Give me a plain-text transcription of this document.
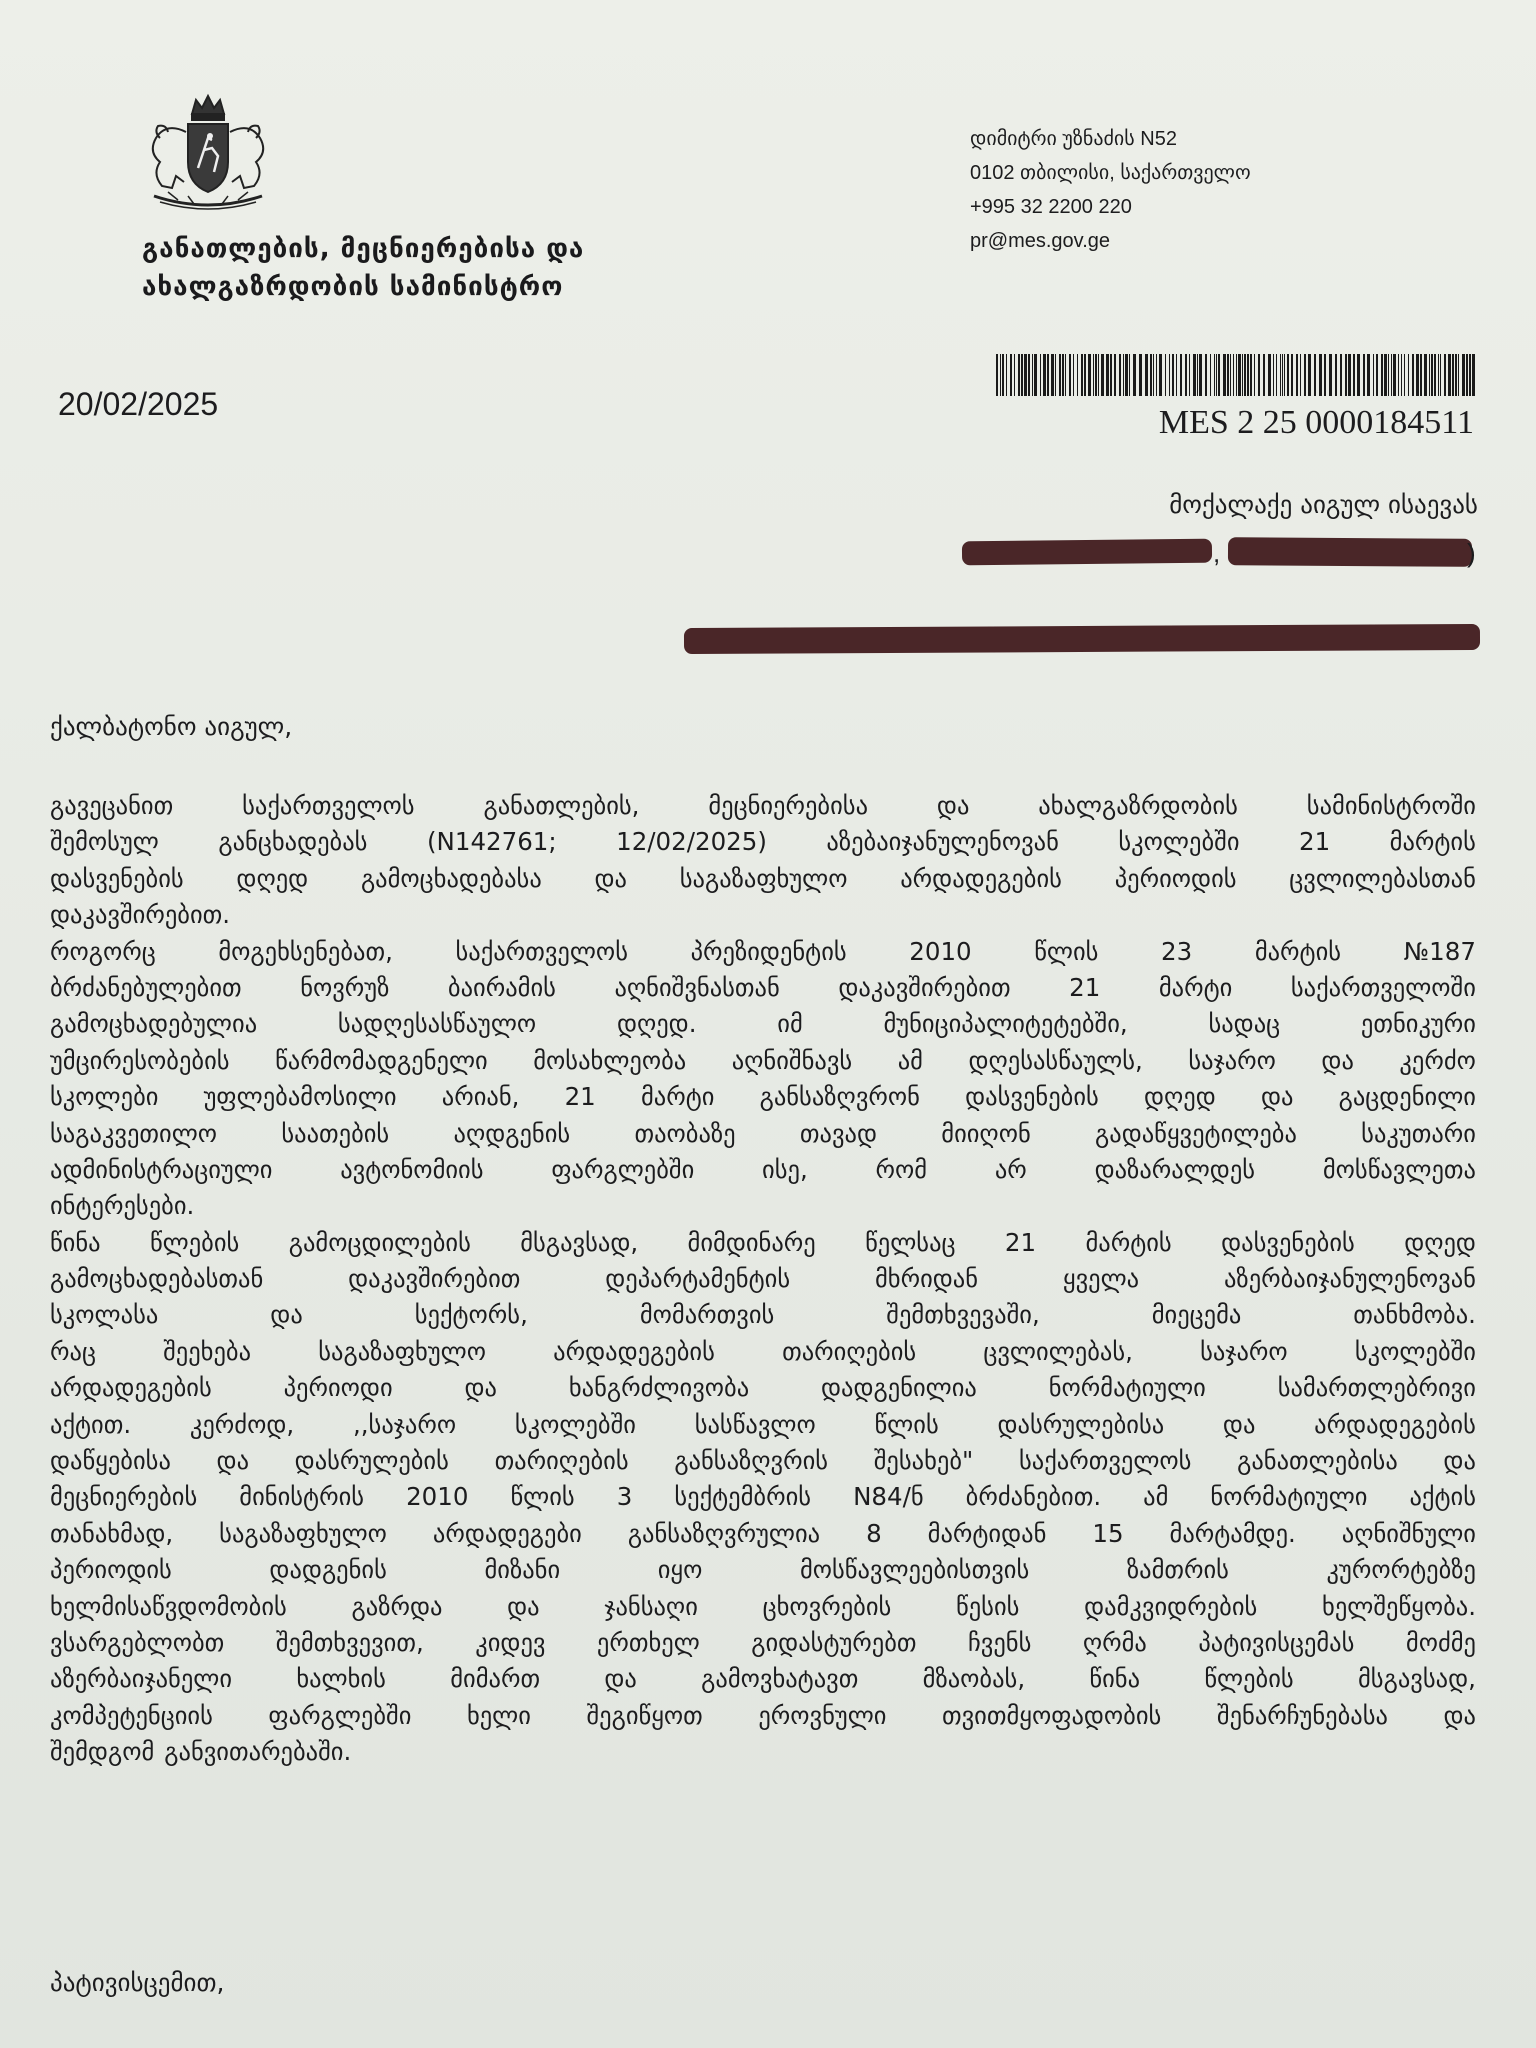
განათლების, მეცნიერებისა და
ახალგაზრდობის სამინისტრო
დიმიტრი უზნაძის N52
0102 თბილისი, საქართველო
+995 32 2200 220
pr@mes.gov.ge
20/02/2025	MES 2 25 0000184511
მოქალაქე აიგულ ისაევას
,	)
ქალბატონო აიგულ,
გავეცანით	საქართველოს	განათლების,	მეცნიერებისა	და	ახალგაზრდობის	სამინისტროში
შემოსულ განცხადებას (N142761; 12/02/2025) აზებაიჯანულენოვან სკოლებში 21 მარტის
დასვენების დღედ გამოცხადებასა და საგაზაფხულო არდადეგების პერიოდის ცვლილებასთან
დაკავშირებით.
როგორც	მოგეხსენებათ,	საქართველოს	პრეზიდენტის	2010	წლის	23	მარტის	№187
ბრძანებულებით ნოვრუზ ბაირამის აღნიშვნასთან დაკავშირებით 21 მარტი საქართველოში
გამოცხადებულია	სადღესასწაულო	დღედ.	იმ	მუნიციპალიტეტებში,	სადაც	ეთნიკური
უმცირესობების წარმომადგენელი მოსახლეობა აღნიშნავს ამ დღესასწაულს, საჯარო და კერძო
სკოლები უფლებამოსილი არიან, 21 მარტი განსაზღვრონ დასვენების დღედ და გაცდენილი
საგაკვეთილო	საათების	აღდგენის	თაობაზე	თავად	მიიღონ	გადაწყვეტილება	საკუთარი
ადმინისტრაციული	ავტონომიის	ფარგლებში	ისე,	რომ	არ	დაზარალდეს	მოსწავლეთა
ინტერესები.
წინა წლების გამოცდილების მსგავსად, მიმდინარე წელსაც 21 მარტის დასვენების დღედ
გამოცხადებასთან	დაკავშირებით	დეპარტამენტის	მხრიდან	ყველა	აზერბაიჯანულენოვან
სკოლასა	და	სექტორს,	მომართვის	შემთხვევაში,	მიეცემა	თანხმობა.
რაც	შეეხება	საგაზაფხულო	არდადეგების	თარიღების	ცვლილებას,	საჯარო	სკოლებში
არდადეგების	პერიოდი	და	ხანგრძლივობა	დადგენილია	ნორმატიული	სამართლებრივი
აქტით. კერძოდ, ,,საჯარო სკოლებში სასწავლო წლის დასრულებისა და არდადეგების
დაწყებისა და დასრულების თარიღების განსაზღვრის შესახებ" საქართველოს განათლებისა და
მეცნიერების მინისტრის 2010 წლის 3 სექტემბრის N84/ნ ბრძანებით. ამ ნორმატიული აქტის
თანახმად, საგაზაფხულო არდადეგები განსაზღვრულია 8 მარტიდან 15 მარტამდე. აღნიშნული
პერიოდის	დადგენის	მიზანი	იყო	მოსწავლეებისთვის	ზამთრის	კურორტებზე
ხელმისაწვდომობის	გაზრდა	და	ჯანსაღი	ცხოვრების	წესის	დამკვიდრების	ხელშეწყობა.
ვსარგებლობთ შემთხვევით, კიდევ ერთხელ გიდასტურებთ ჩვენს ღრმა პატივისცემას მოძმე
აზერბაიჯანელი	ხალხის	მიმართ	და	გამოვხატავთ	მზაობას,	წინა	წლების	მსგავსად,
კომპეტენციის ფარგლებში ხელი შეგიწყოთ ეროვნული თვითმყოფადობის შენარჩუნებასა და
შემდგომ განვითარებაში.
პატივისცემით,
